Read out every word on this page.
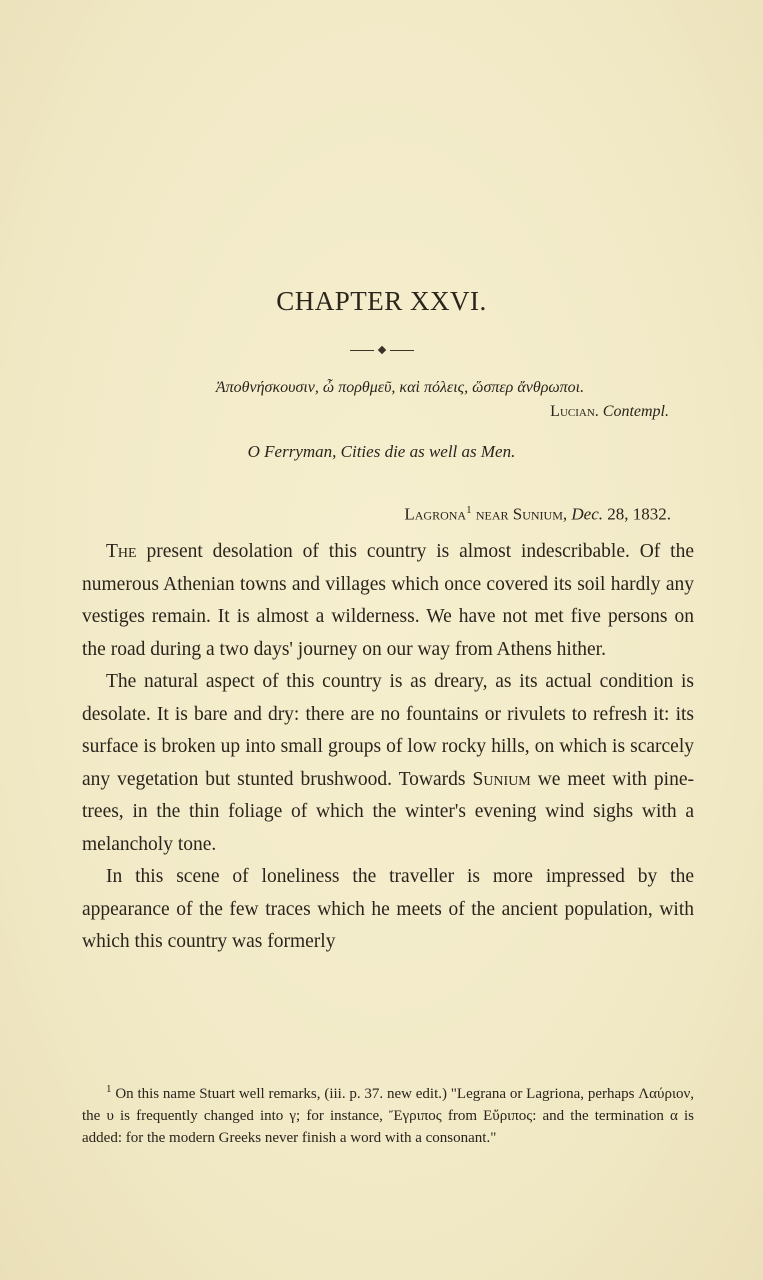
CHAPTER XXVI.
Ἀποθνήσκουσιν, ὦ πορθμεῦ, καὶ πόλεις, ὥσπερ ἄνθρωποι.
Lucian. Contempl.
O Ferryman, Cities die as well as Men.
Lagrona$^1$ near Sunium, Dec. 28, 1832.

The present desolation of this country is almost indescribable. Of the numerous Athenian towns and villages which once covered its soil hardly any vestiges remain. It is almost a wilderness. We have not met five persons on the road during a two days' journey on our way from Athens hither.

The natural aspect of this country is as dreary, as its actual condition is desolate. It is bare and dry: there are no fountains or rivulets to refresh it: its surface is broken up into small groups of low rocky hills, on which is scarcely any vegetation but stunted brushwood. Towards Sunium we meet with pine-trees, in the thin foliage of which the winter's evening wind sighs with a melancholy tone.

In this scene of loneliness the traveller is more impressed by the appearance of the few traces which he meets of the ancient population, with which this country was formerly

$^1$ On this name Stuart well remarks, (iii. p. 37. new edit.) "Legrana or Lagriona, perhaps Λαύριον, the υ is frequently changed into γ; for instance, Ἔγριπος from Εὔριπος: and the termination α is added: for the modern Greeks never finish a word with a consonant."
